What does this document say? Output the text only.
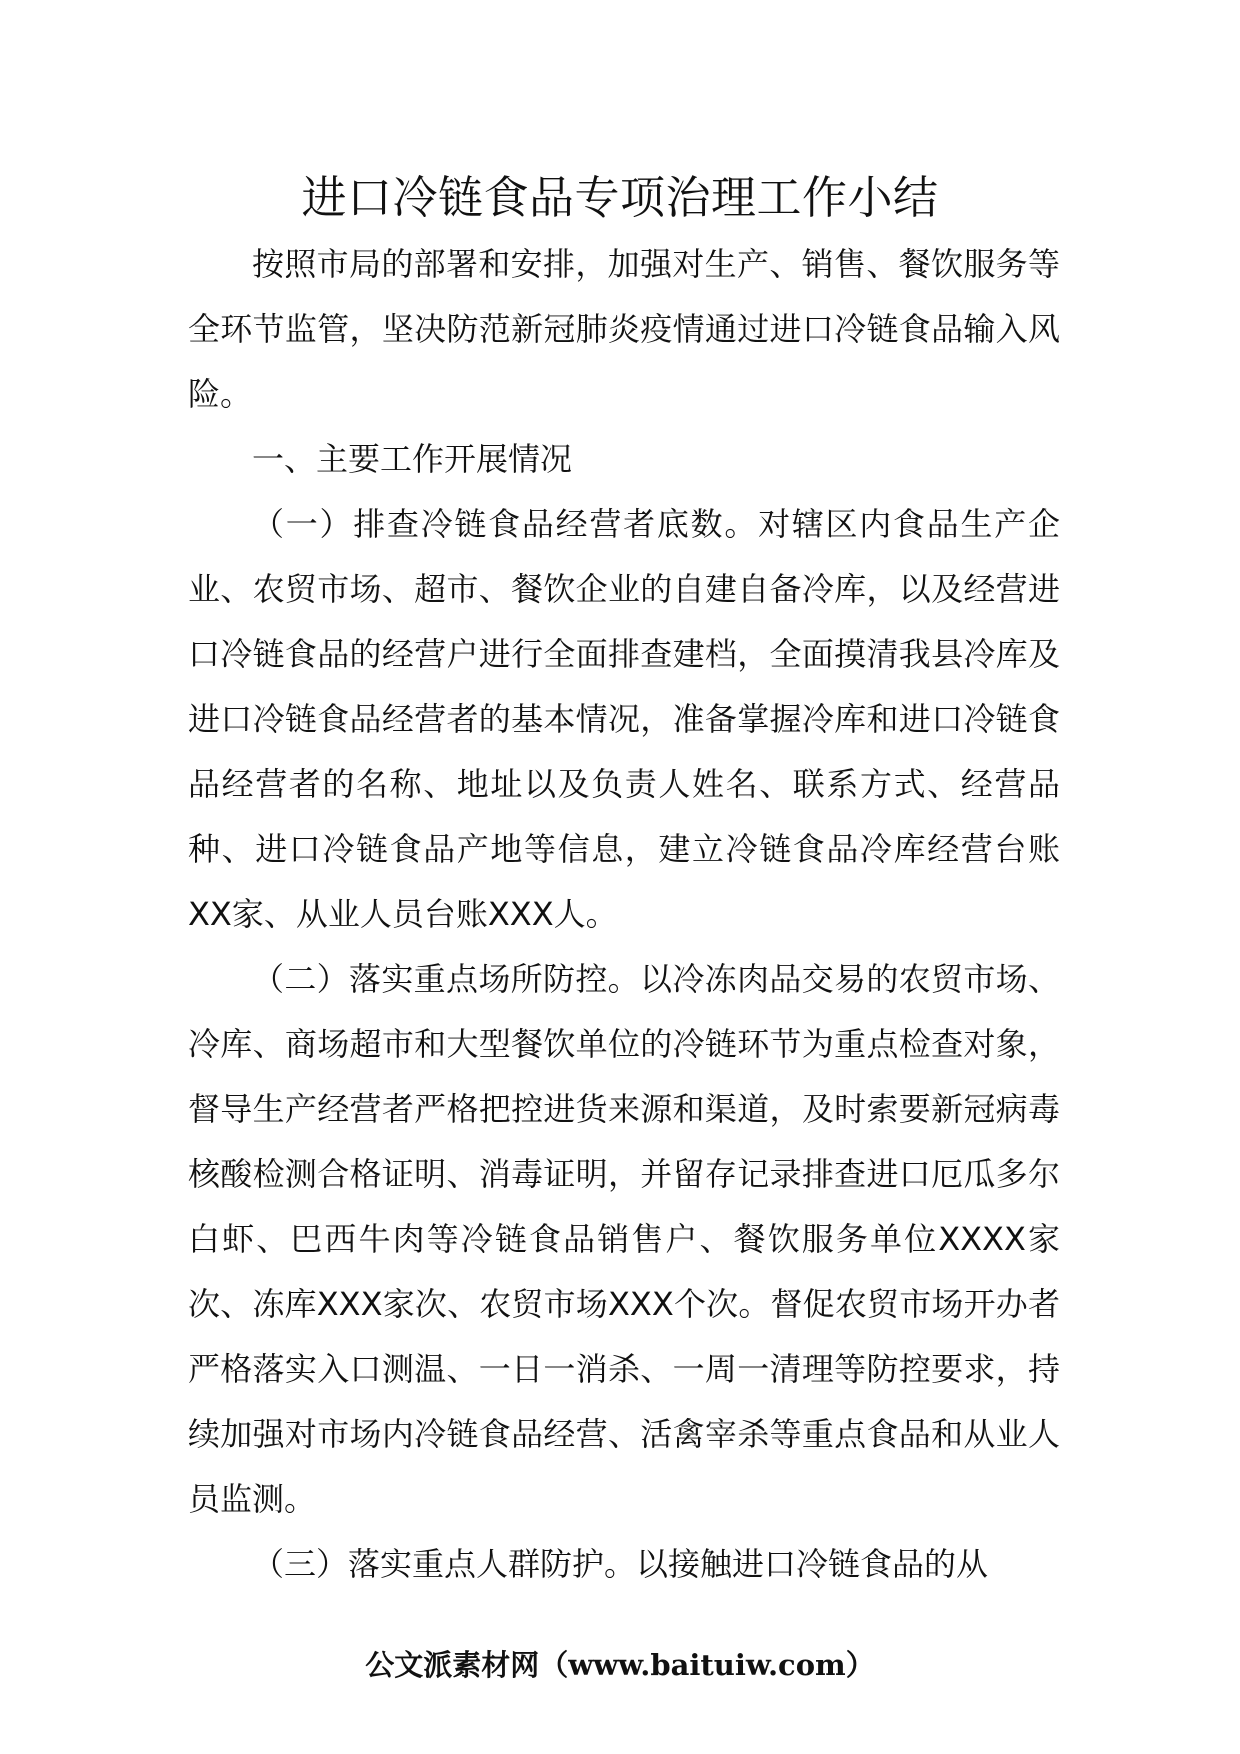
进口冷链食品专项治理工作小结

按照市局的部署和安排，加强对生产、销售、餐饮服务等全环节监管，坚决防范新冠肺炎疫情通过进口冷链食品输入风险。

一、主要工作开展情况

（一）排查冷链食品经营者底数。对辖区内食品生产企业、农贸市场、超市、餐饮企业的自建自备冷库，以及经营进口冷链食品的经营户进行全面排查建档，全面摸清我县冷库及进口冷链食品经营者的基本情况，准备掌握冷库和进口冷链食品经营者的名称、地址以及负责人姓名、联系方式、经营品种、进口冷链食品产地等信息，建立冷链食品冷库经营台账XX家、从业人员台账XXX人。

（二）落实重点场所防控。以冷冻肉品交易的农贸市场、冷库、商场超市和大型餐饮单位的冷链环节为重点检查对象，督导生产经营者严格把控进货来源和渠道，及时索要新冠病毒核酸检测合格证明、消毒证明，并留存记录排查进口厄瓜多尔白虾、巴西牛肉等冷链食品销售户、餐饮服务单位XXXX家次、冻库XXX家次、农贸市场XXX个次。督促农贸市场开办者严格落实入口测温、一日一消杀、一周一清理等防控要求，持续加强对市场内冷链食品经营、活禽宰杀等重点食品和从业人员监测。

（三）落实重点人群防护。以接触进口冷链食品的从

公文派素材网（www.baituiw.com）
